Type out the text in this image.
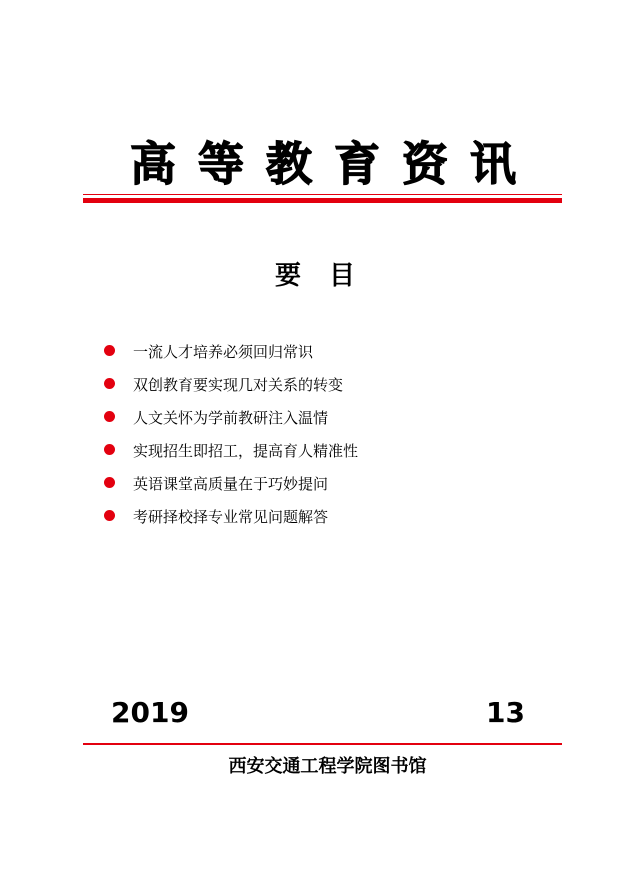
高等教育资讯
要目
一流人才培养必须回归常识
双创教育要实现几对关系的转变
人文关怀为学前教研注入温情
实现招生即招工，提高育人精准性
英语课堂高质量在于巧妙提问
考研择校择专业常见问题解答
2019	13
西安交通工程学院图书馆
